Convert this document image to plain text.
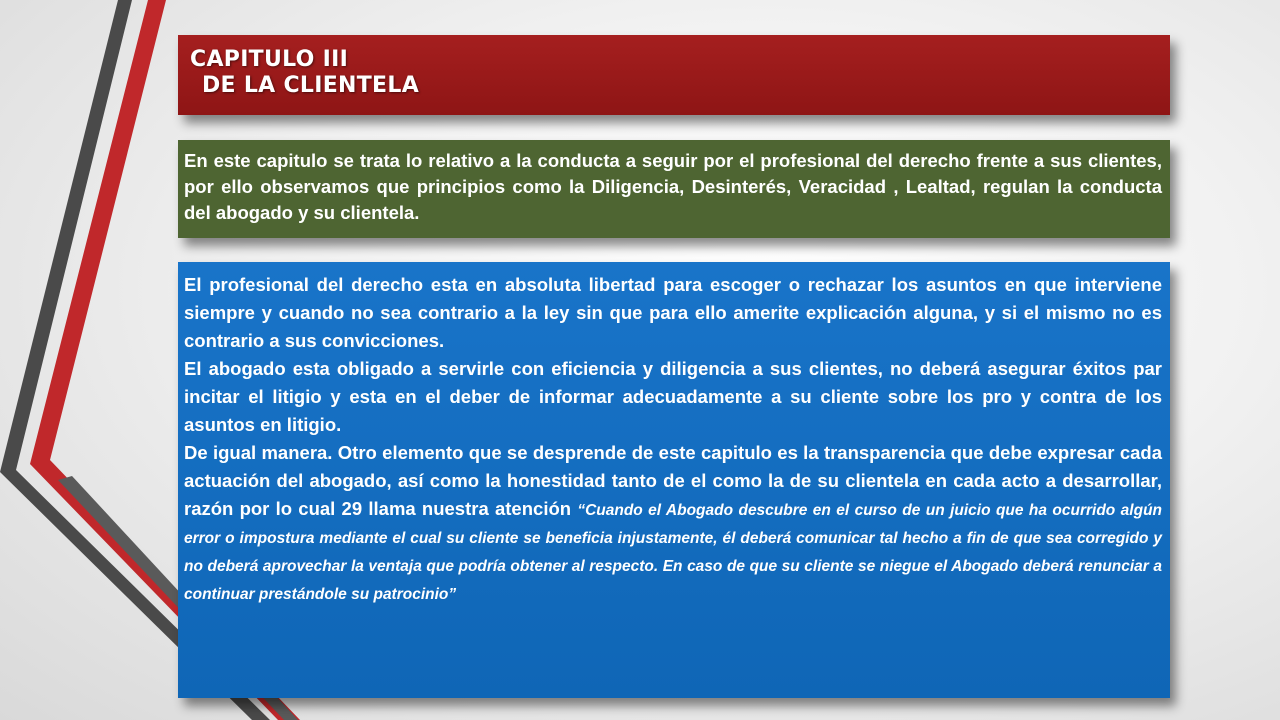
CAPITULO III
DE LA CLIENTELA
En este capitulo se trata lo relativo a la conducta a seguir por el profesional del derecho frente a sus clientes, por ello observamos que principios como la Diligencia, Desinterés, Veracidad , Lealtad, regulan la conducta del abogado y su clientela.

El profesional del derecho esta en absoluta libertad para escoger o rechazar los asuntos en que interviene siempre y cuando no sea contrario a la ley sin que para ello amerite explicación alguna, y si el mismo no es contrario a sus convicciones.

El abogado esta obligado a servirle con eficiencia y diligencia a sus clientes, no deberá asegurar éxitos par incitar el litigio y esta en el deber de informar adecuadamente a su cliente sobre los pro y contra de los asuntos en litigio.

De igual manera. Otro elemento que se desprende de este capitulo es la transparencia que debe expresar cada actuación del abogado, así como la honestidad tanto de el como la de su clientela en cada acto a desarrollar, razón por lo cual 29 llama nuestra atención “Cuando el Abogado descubre en el curso de un juicio que ha ocurrido algún error o impostura mediante el cual su cliente se beneficia injustamente, él deberá comunicar tal hecho a fin de que sea corregido y no deberá aprovechar la ventaja que podría obtener al respecto. En caso de que su cliente se niegue el Abogado deberá renunciar a continuar prestándole su patrocinio”
